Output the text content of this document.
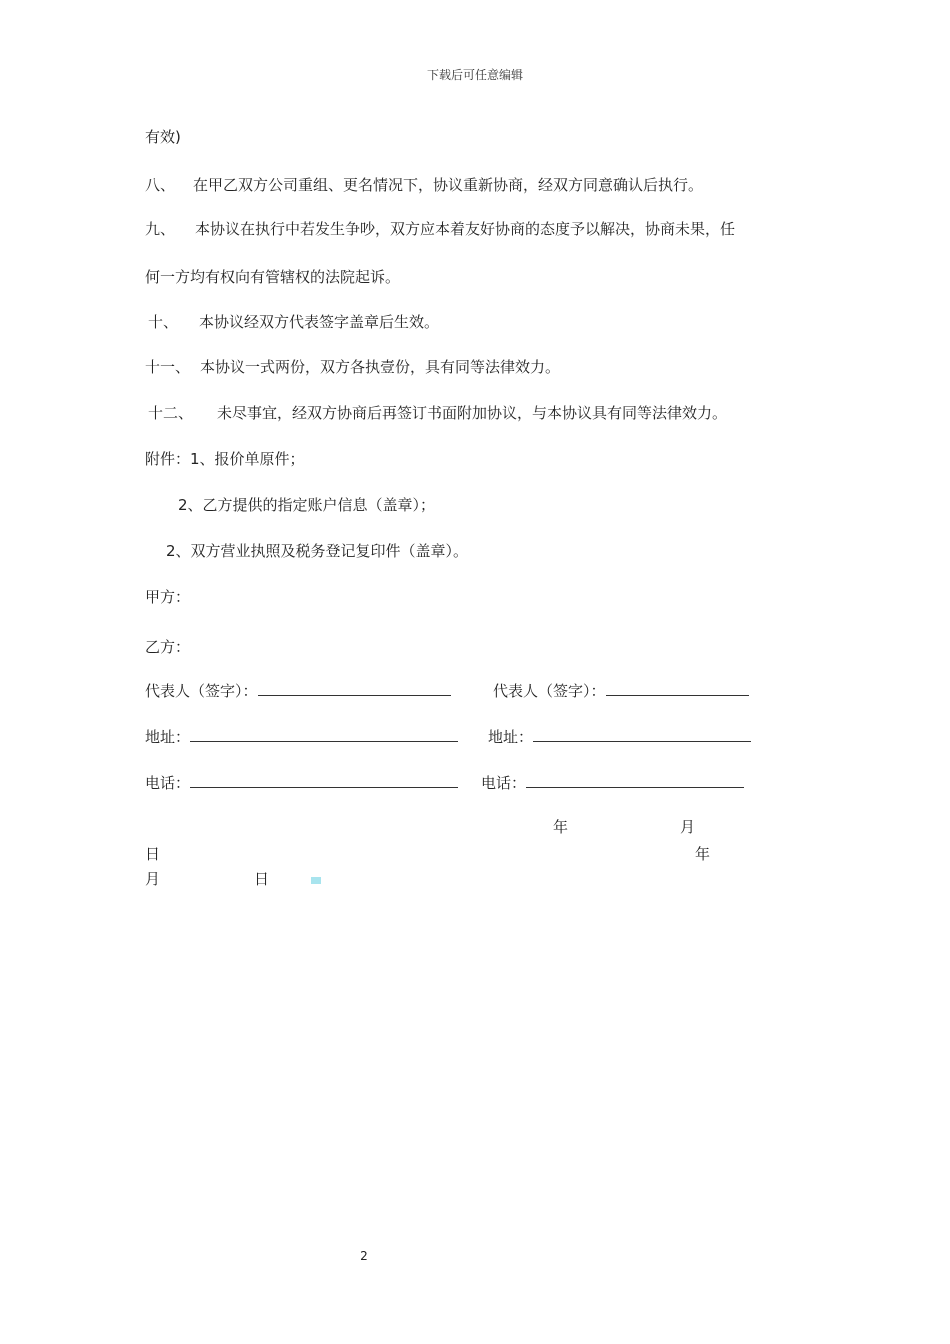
下载后可任意编辑
有效)
八、 在甲乙双方公司重组、更名情况下，协议重新协商，经双方同意确认后执行。
九、 本协议在执行中若发生争吵，双方应本着友好协商的态度予以解决，协商未果，任
何一方均有权向有管辖权的法院起诉。
十、 本协议经双方代表签字盖章后生效。
十一、 本协议一式两份，双方各执壹份，具有同等法律效力。
十二、 未尽事宜，经双方协商后再签订书面附加协议，与本协议具有同等法律效力。
附件：1、报价单原件；
2、乙方提供的指定账户信息（盖章）；
2、双方营业执照及税务登记复印件（盖章）。
甲方：
乙方：
代表人（签字）：	代表人（签字）：
地址：	地址：
电话：	电话：
年	月
日	年
月	日
2
